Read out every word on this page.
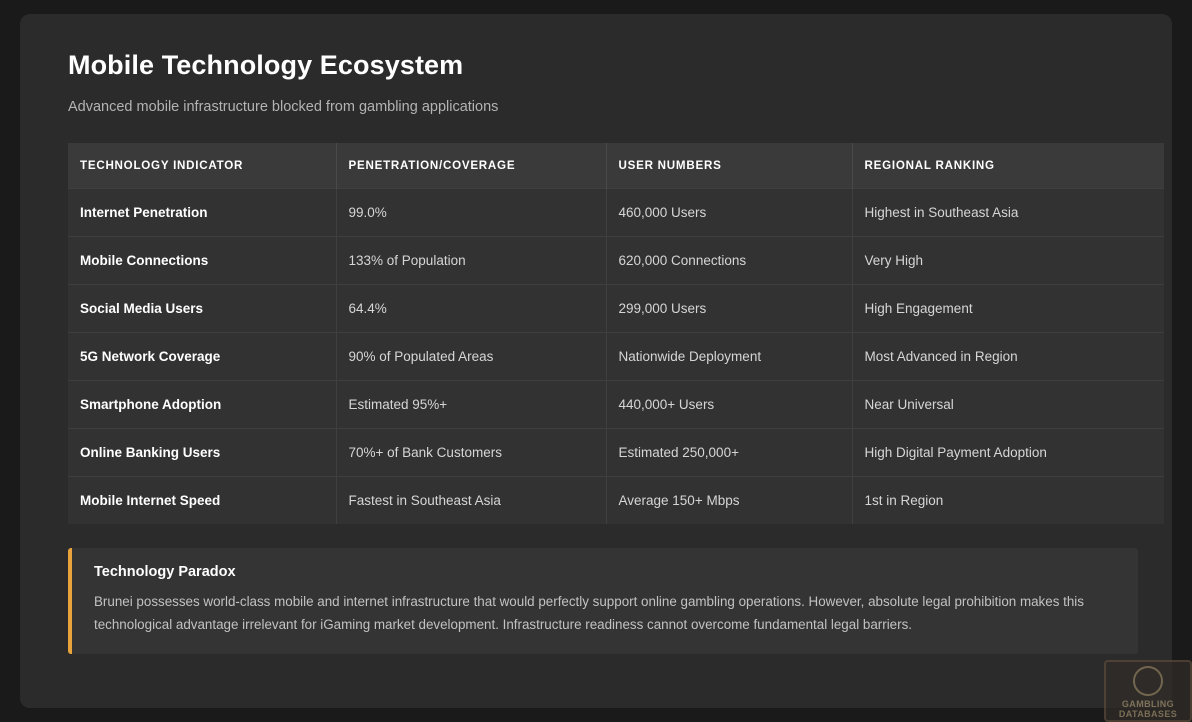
Mobile Technology Ecosystem

Advanced mobile infrastructure blocked from gambling applications

TECHNOLOGY INDICATOR	PENETRATION/COVERAGE	USER NUMBERS	REGIONAL RANKING
Internet Penetration	99.0%	460,000 Users	Highest in Southeast Asia
Mobile Connections	133% of Population	620,000 Connections	Very High
Social Media Users	64.4%	299,000 Users	High Engagement
5G Network Coverage	90% of Populated Areas	Nationwide Deployment	Most Advanced in Region
Smartphone Adoption	Estimated 95%+	440,000+ Users	Near Universal
Online Banking Users	70%+ of Bank Customers	Estimated 250,000+	High Digital Payment Adoption
Mobile Internet Speed	Fastest in Southeast Asia	Average 150+ Mbps	1st in Region
Technology Paradox

Brunei possesses world-class mobile and internet infrastructure that would perfectly support online gambling operations. However, absolute legal prohibition makes this technological advantage irrelevant for iGaming market development. Infrastructure readiness cannot overcome fundamental legal barriers.

GAMBLING
DATABASES
